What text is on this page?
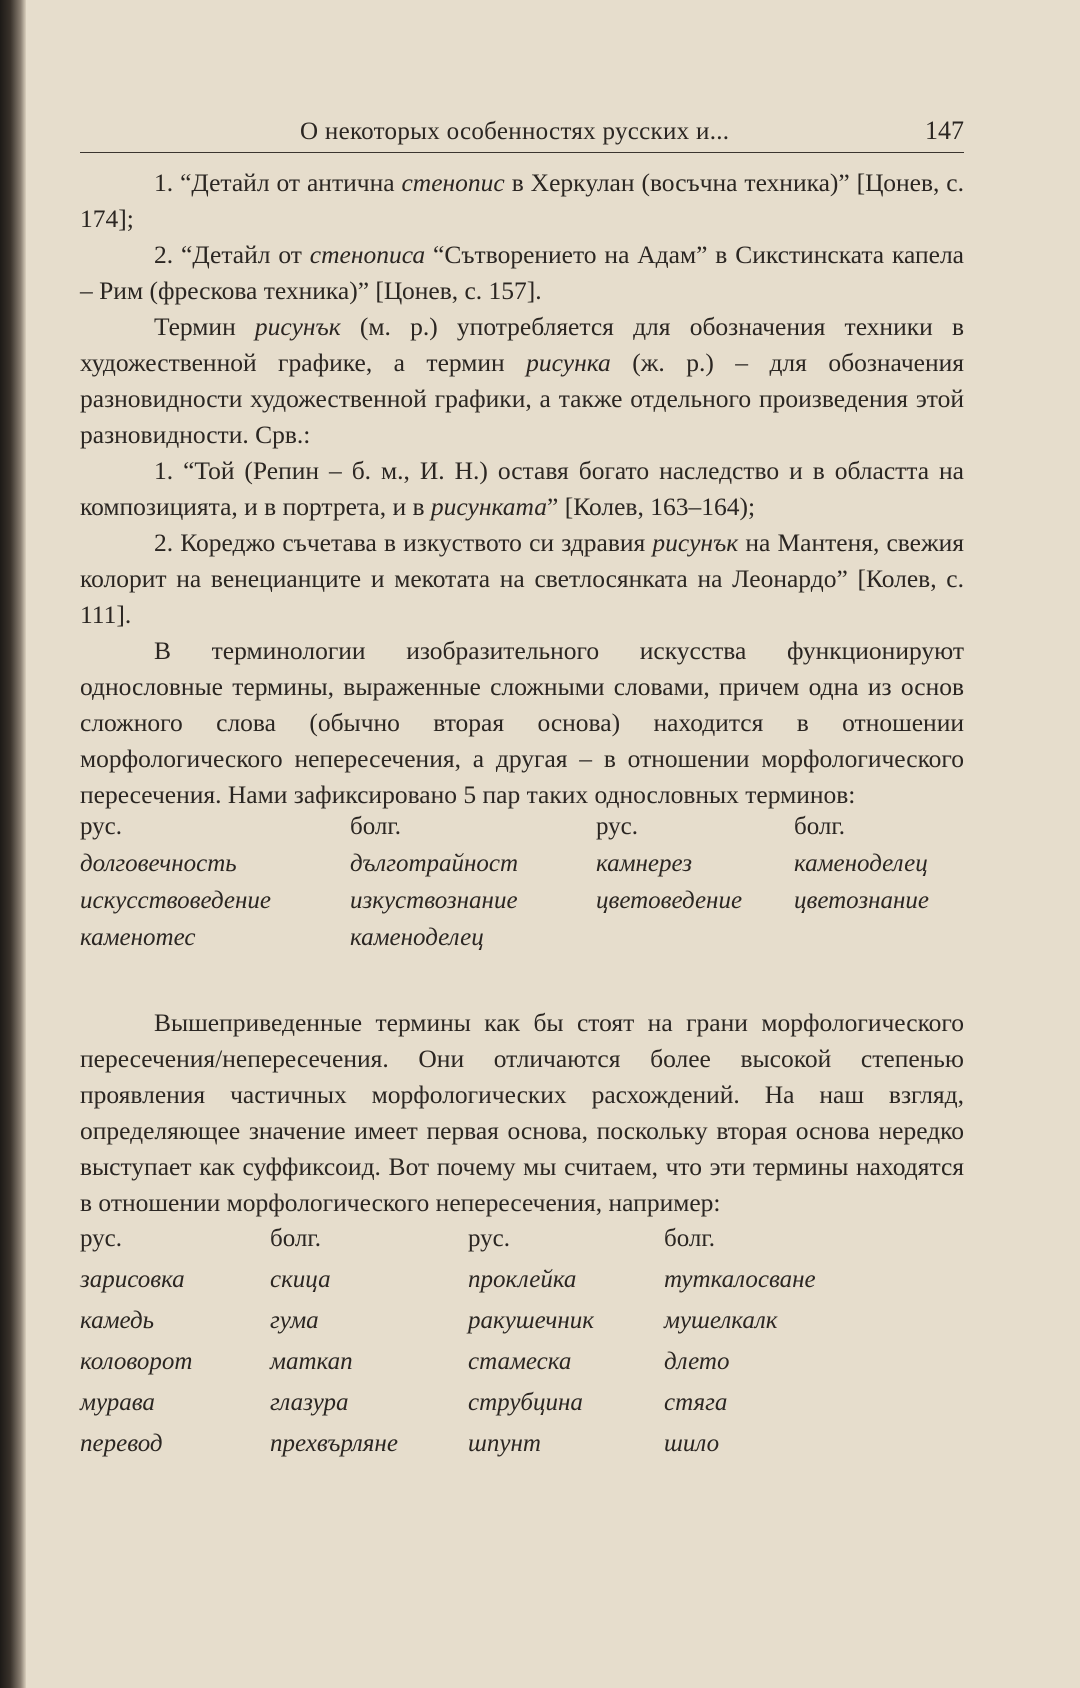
О некоторых особенностях русских и...	147

1. “Детайл от антична стенопис в Херкулан (восъчна техника)” [Цонев, с. 174];

2. “Детайл от стенописа “Сътворението на Адам” в Сикстинската капела – Рим (фрескова техника)” [Цонев, с. 157].

Термин рисунък (м. р.) употребляется для обозначения техники в художественной графике, а термин рисунка (ж. р.) – для обозначения разновидности художественной графики, а также отдельного произведения этой разновидности. Срв.:

1. “Той (Репин – б. м., И. Н.) оставя богато наследство и в областта на композицията, и в портрета, и в рисунката” [Колев, 163–164);

2. Кореджо съчетава в изкуството си здравия рисунък на Мантеня, свежия колорит на венецианците и мекотата на светлосянката на Леонардо” [Колев, с. 111].

В терминологии изобразительного искусства функционируют однословные термины, выраженные сложными словами, причем одна из основ сложного слова (обычно вторая основа) находится в отношении морфологического непересечения, а другая – в отношении морфологического пересечения. Нами зафиксировано 5 пар таких однословных терминов:

рус.	болг.	рус.	болг.
долговечность	дълготрайност	камнерез	каменоделец
искусствоведение	изкуствознание	цветоведение	цветознание
каменотес	каменоделец		

Вышеприведенные термины как бы стоят на грани морфологического пересечения/непересечения. Они отличаются более высокой степенью проявления частичных морфологических расхождений. На наш взгляд, определяющее значение имеет первая основа, поскольку вторая основа нередко выступает как суффиксоид. Вот почему мы считаем, что эти термины находятся в отношении морфологического непересечения, например:

рус.	болг.	рус.	болг.
зарисовка	скица	проклейка	туткалосване
камедь	гума	ракушечник	мушелкалк
коловорот	маткап	стамеска	длето
мурава	глазура	струбцина	стяга
перевод	прехвърляне	шпунт	шило
